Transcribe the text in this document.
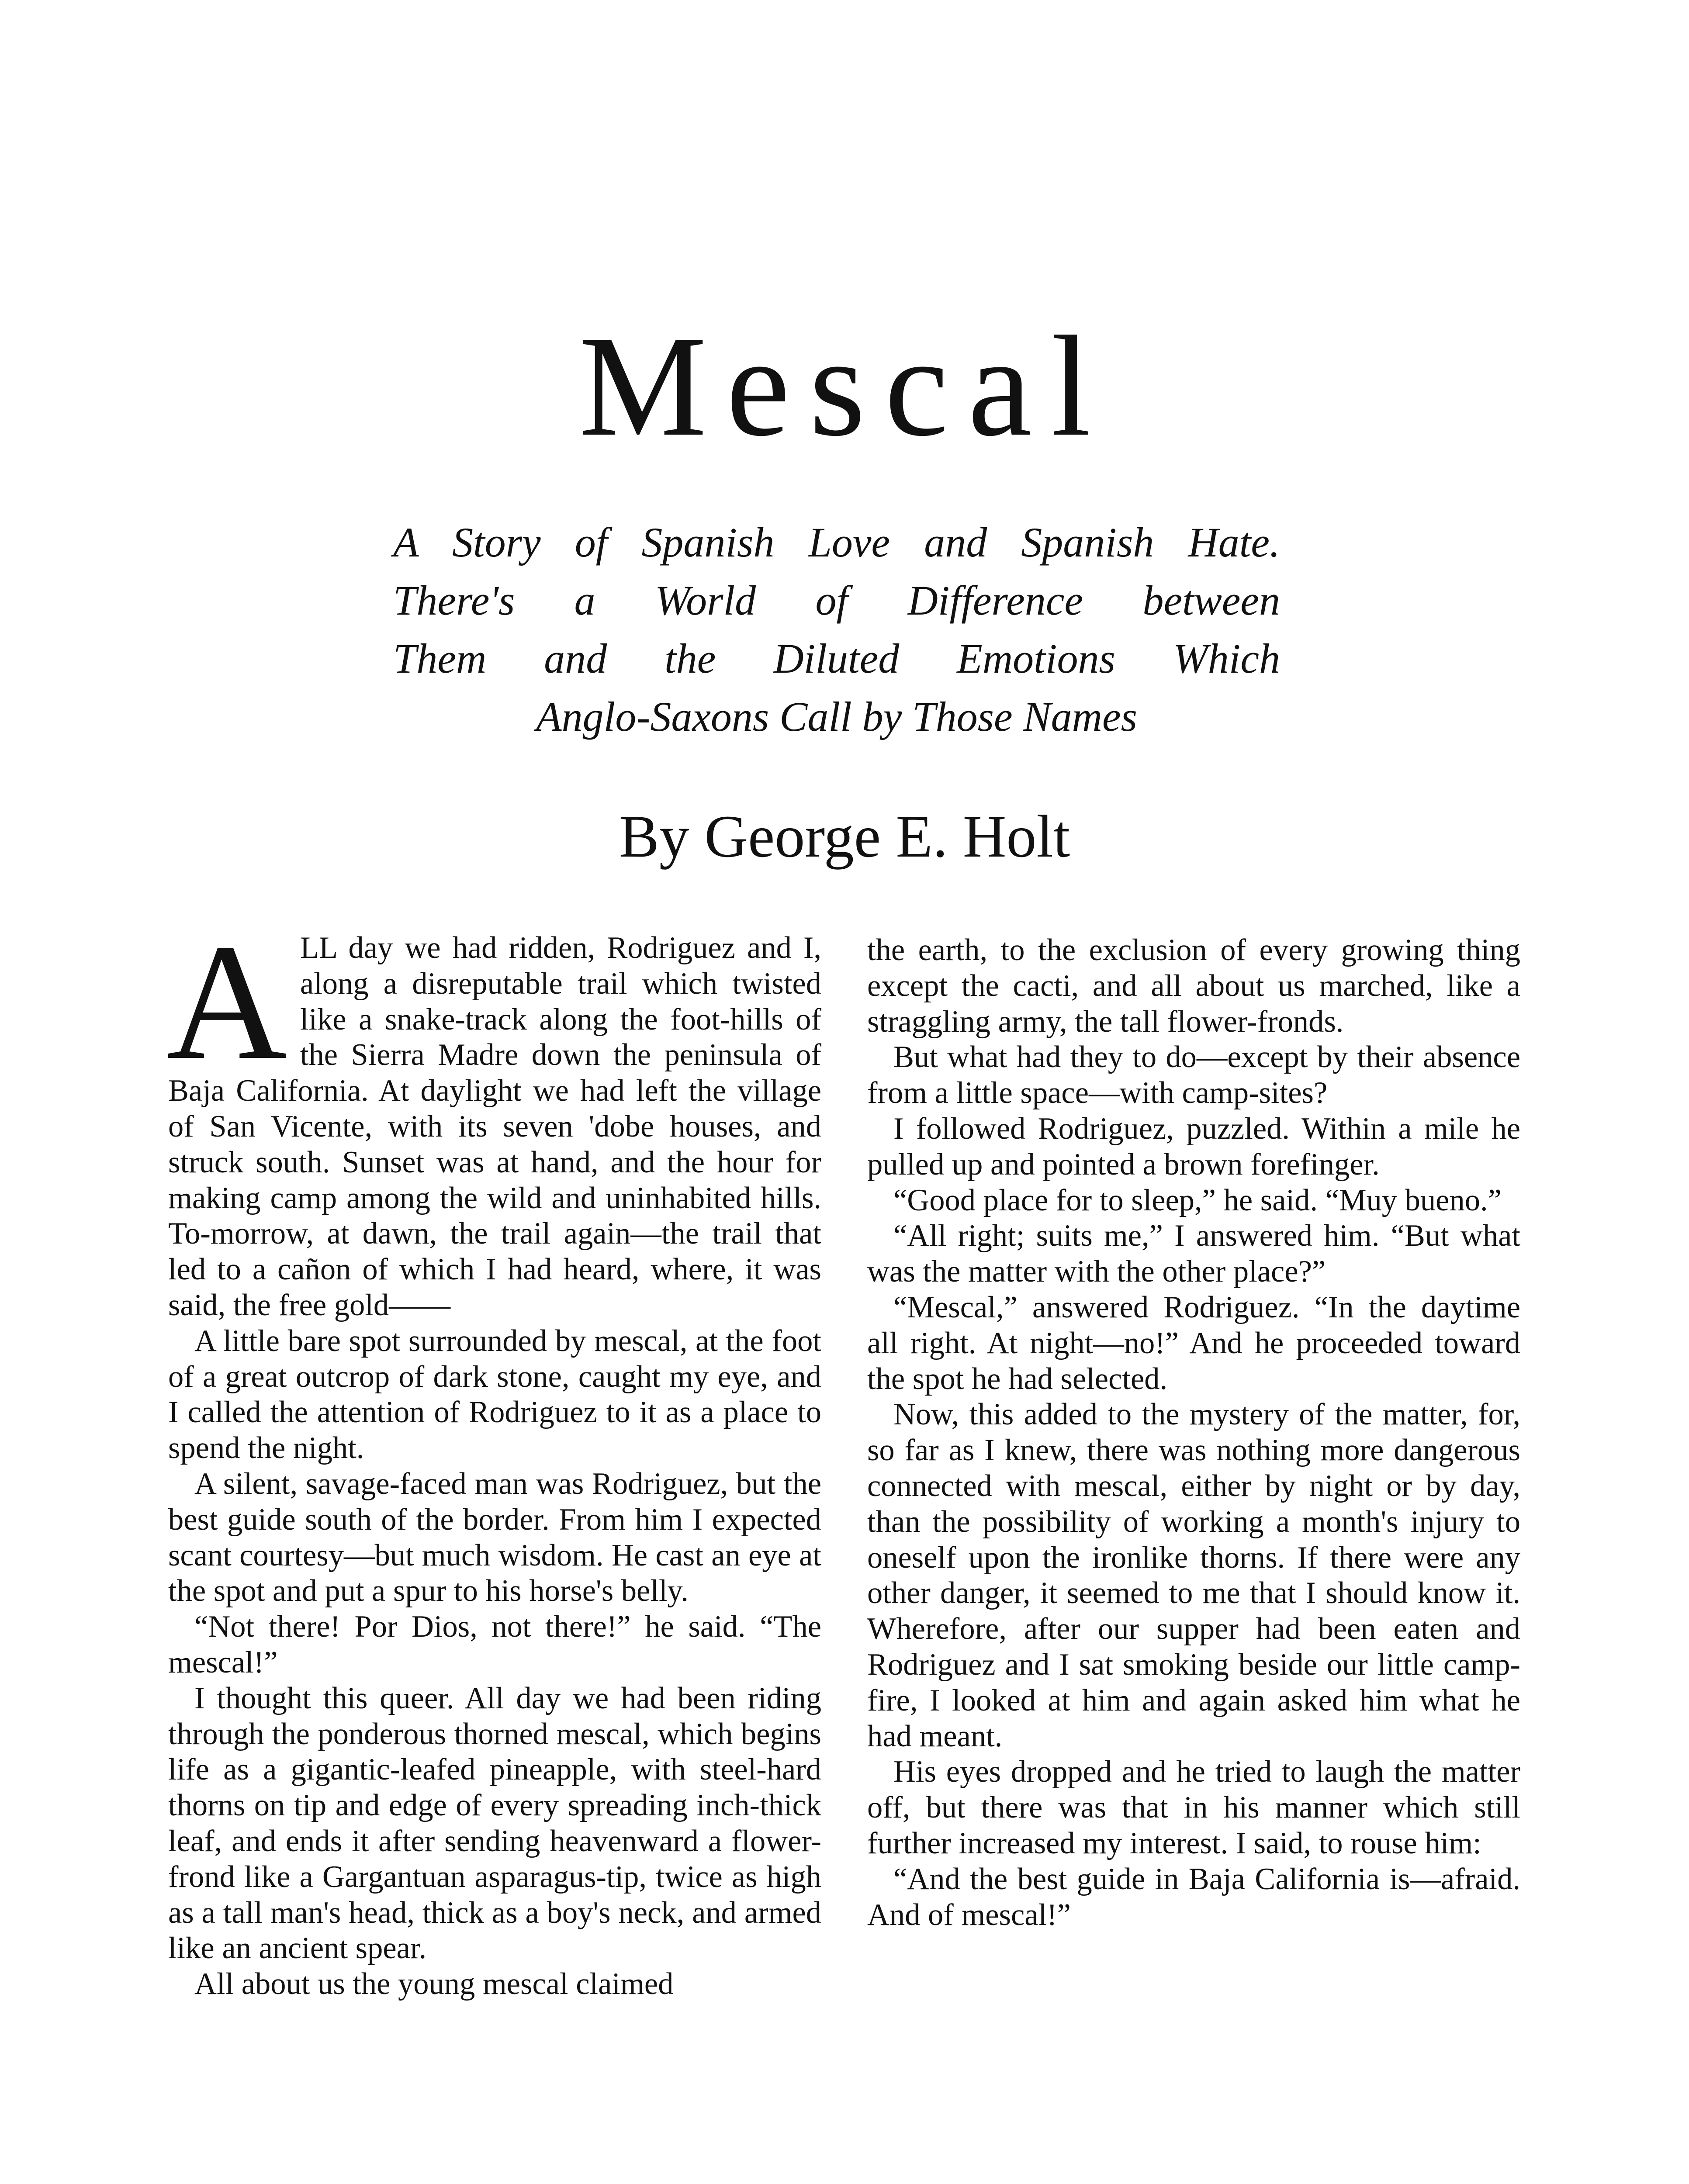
Mescal
A Story of Spanish Love and Spanish Hate.
There's a World of Difference between
Them and the Diluted Emotions Which
Anglo-Saxons Call by Those Names
By George E. Holt

ALL day we had ridden, Rodriguez and I, along a disreputable trail which twisted like a snake-track along the foot-hills of the Sierra Madre down the peninsula of Baja California. At daylight we had left the village of San Vicente, with its seven 'dobe houses, and struck south. Sunset was at hand, and the hour for making camp among the wild and uninhabited hills. To-morrow, at dawn, the trail again—the trail that led to a cañon of which I had heard, where, it was said, the free gold——

A little bare spot surrounded by mescal, at the foot of a great outcrop of dark stone, caught my eye, and I called the attention of Rodriguez to it as a place to spend the night.

A silent, savage-faced man was Rodriguez, but the best guide south of the border. From him I expected scant courtesy—but much wisdom. He cast an eye at the spot and put a spur to his horse's belly.

“Not there! Por Dios, not there!” he said. “The mescal!”

I thought this queer. All day we had been riding through the ponderous thorned mescal, which begins life as a gigantic-leafed pineapple, with steel-hard thorns on tip and edge of every spreading inch-thick leaf, and ends it after sending heavenward a flower-frond like a Gargantuan asparagus-tip, twice as high as a tall man's head, thick as a boy's neck, and armed like an ancient spear.

All about us the young mescal claimed

the earth, to the exclusion of every growing thing except the cacti, and all about us marched, like a straggling army, the tall flower-fronds.

But what had they to do—except by their absence from a little space—with camp-sites?

I followed Rodriguez, puzzled. Within a mile he pulled up and pointed a brown forefinger.

“Good place for to sleep,” he said. “Muy bueno.”

“All right; suits me,” I answered him. “But what was the matter with the other place?”

“Mescal,” answered Rodriguez. “In the daytime all right. At night—no!” And he proceeded toward the spot he had selected.

Now, this added to the mystery of the matter, for, so far as I knew, there was nothing more dangerous connected with mescal, either by night or by day, than the possibility of working a month's injury to oneself upon the ironlike thorns. If there were any other danger, it seemed to me that I should know it. Wherefore, after our supper had been eaten and Rodriguez and I sat smoking beside our little camp-fire, I looked at him and again asked him what he had meant.

His eyes dropped and he tried to laugh the matter off, but there was that in his manner which still further increased my interest. I said, to rouse him:

“And the best guide in Baja California is—afraid. And of mescal!”
